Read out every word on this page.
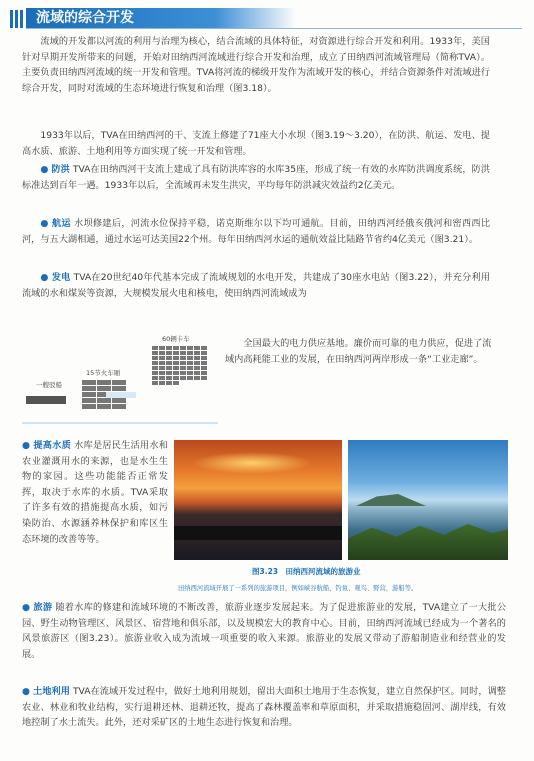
流域的综合开发

流域的开发都以河流的利用与治理为核心，结合流域的具体特征，对资源进行综合开发和利用。1933年，美国针对早期开发所带来的问题，开始对田纳西河流域进行综合开发和治理，成立了田纳西河流域管理局（简称TVA）。主要负责田纳西河流域的统一开发和管理。TVA将河流的梯级开发作为流域开发的核心，并结合资源条件对流域进行综合开发，同时对流域的生态环境进行恢复和治理（图3.18）。

1933年以后，TVA在田纳西河的干、支流上修建了71座大小水坝（图3.19～3.20），在防洪、航运、发电、提高水质、旅游、土地利用等方面实现了统一开发和管理。

● 防洪 TVA在田纳西河干支流上建成了具有防洪库容的水库35座，形成了统一有效的水库防洪调度系统，防洪标准达到百年一遇。1933年以后，全流域再未发生洪灾，平均每年防洪减灾效益约2亿美元。

● 航运 水坝修建后，河流水位保持平稳，诺克斯维尔以下均可通航。目前，田纳西河经俄亥俄河和密西西比河，与五大湖相通，通过水运可达美国22个州。每年田纳西河水运的通航效益比陆路节省约4亿美元（图3.21）。

● 发电 TVA在20世纪40年代基本完成了流域规划的水电开发，共建成了30座水电站（图3.22），并充分利用流域的水和煤炭等资源，大规模发展火电和核电，使田纳西河流域成为

一艘驳船
15节火车厢
60辆卡车	全国最大的电力供应基地。廉价而可靠的电力供应，促进了流域内高耗能工业的发展，在田纳西河两岸形成一条“工业走廊”。

● 提高水质 水库是居民生活用水和农业灌溉用水的来源，也是水生生物的家园。这些功能能否正常发挥，取决于水库的水质。TVA采取了许多有效的措施提高水质，如污染防治、水源涵养林保护和库区生态环境的改善等等。

图3.23　田纳西河流域的旅游业
田纳西河流域开展了一系列的旅游项目，例如峡谷航船、钓鱼、观鸟、野营、游船等。

● 旅游 随着水库的修建和流域环境的不断改善，旅游业逐步发展起来。为了促进旅游业的发展，TVA建立了一大批公园、野生动物管理区、风景区、宿营地和俱乐部，以及规模宏大的教育中心。目前，田纳西河流域已经成为一个著名的风景旅游区（图3.23）。旅游业收入成为流域一项重要的收入来源。旅游业的发展又带动了游船制造业和经营业的发展。

● 土地利用 TVA在流域开发过程中，做好土地利用规划，留出大面积土地用于生态恢复，建立自然保护区。同时，调整农业、林业和牧业结构，实行退耕还林、退耕还牧，提高了森林覆盖率和草原面积，并采取措施稳固河、湖岸线，有效地控制了水土流失。此外，还对采矿区的土地生态进行恢复和治理。
